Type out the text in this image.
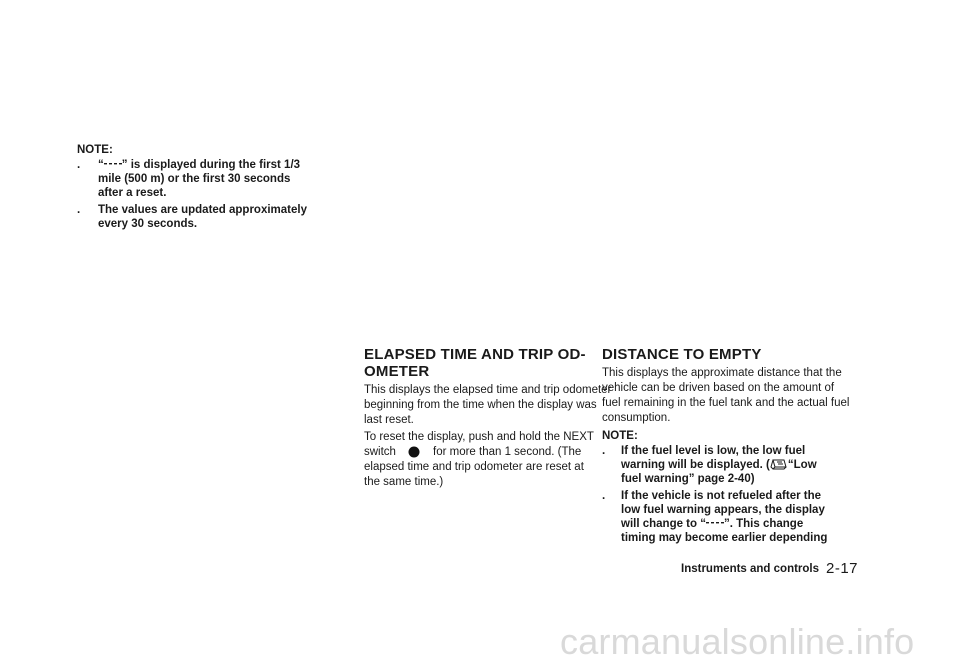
NOTE:
. “ ” is displayed during the first 1/3
mile (500 m) or the first 30 seconds
after a reset.
. The values are updated approximately
every 30 seconds.
ELAPSED TIME AND TRIP OD-
OMETER
This displays the elapsed time and trip odometer
beginning from the time when the display was
last reset.
To reset the display, push and hold the NEXT
switch	for more than 1 second. (The
elapsed time and trip odometer are reset at
the same time.)
DISTANCE TO EMPTY
This displays the approximate distance that the
vehicle can be driven based on the amount of
fuel remaining in the fuel tank and the actual fuel
consumption.
NOTE:
. If the fuel level is low, the low fuel
warning will be displayed. ( “Low
fuel warning” page 2-40)
. If the vehicle is not refueled after the
low fuel warning appears, the display
will change to “ ”. This change
timing may become earlier depending
Instruments and controls 2-17
carmanualsonline.info
